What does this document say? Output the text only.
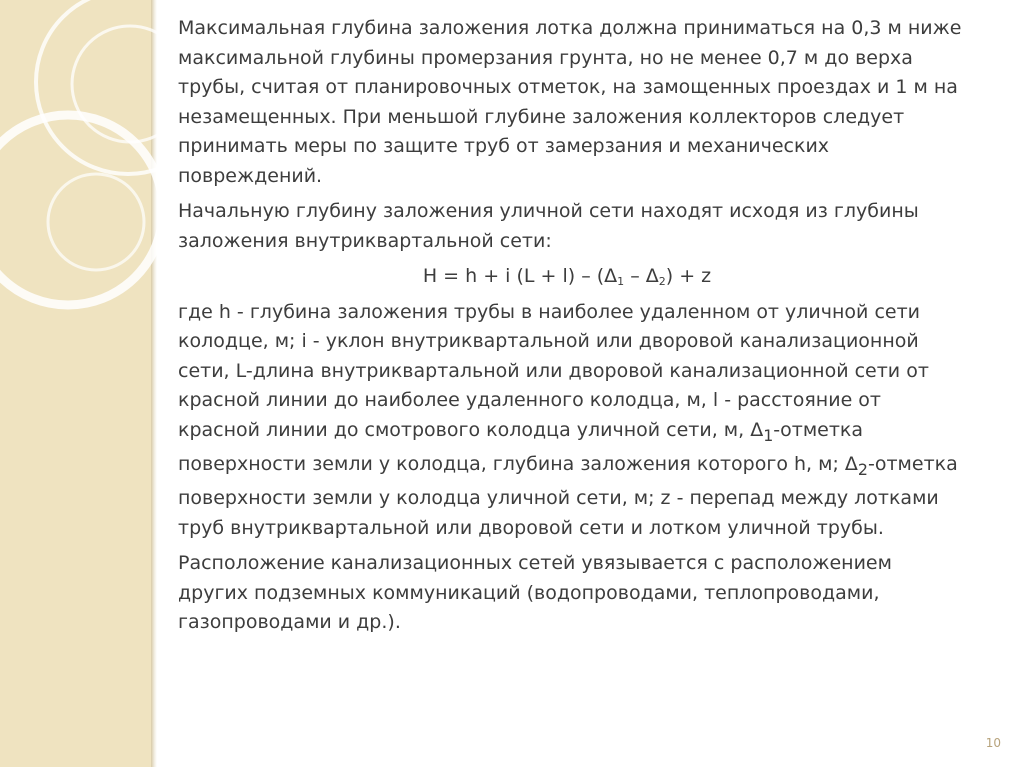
Максимальная глубина заложения лотка должна приниматься на 0,3 м ниже
максимальной глубины промерзания грунта, но не менее 0,7 м до верха
трубы, считая от планировочных отметок, на замощенных проездах и 1 м на
незамещенных. При меньшой глубине заложения коллекторов следует
принимать меры по защите труб от замерзания и механических
повреждений.

Начальную глубину заложения уличной сети находят исходя из глубины
заложения внутриквартальной сети:

H = h + i $(L + l) - (\Delta_1 - \Delta_2) + z$

где h - глубина заложения трубы в наиболее удаленном от уличной сети
колодце, м; i - уклон внутриквартальной или дворовой канализационной
сети, L-длина внутриквартальной или дворовой канализационной сети от
красной линии до наиболее удаленного колодца, м, l - расстояние от
красной линии до смотрового колодца уличной сети, м, $\Delta_1$-отметка
поверхности земли у колодца, глубина заложения которого h, м; $\Delta_2$-отметка
поверхности земли у колодца уличной сети, м; z - перепад между лотками
труб внутриквартальной или дворовой сети и лотком уличной трубы.

Расположение канализационных сетей увязывается с расположением
других подземных коммуникаций (водопроводами, теплопроводами,
газопроводами и др.).

10
